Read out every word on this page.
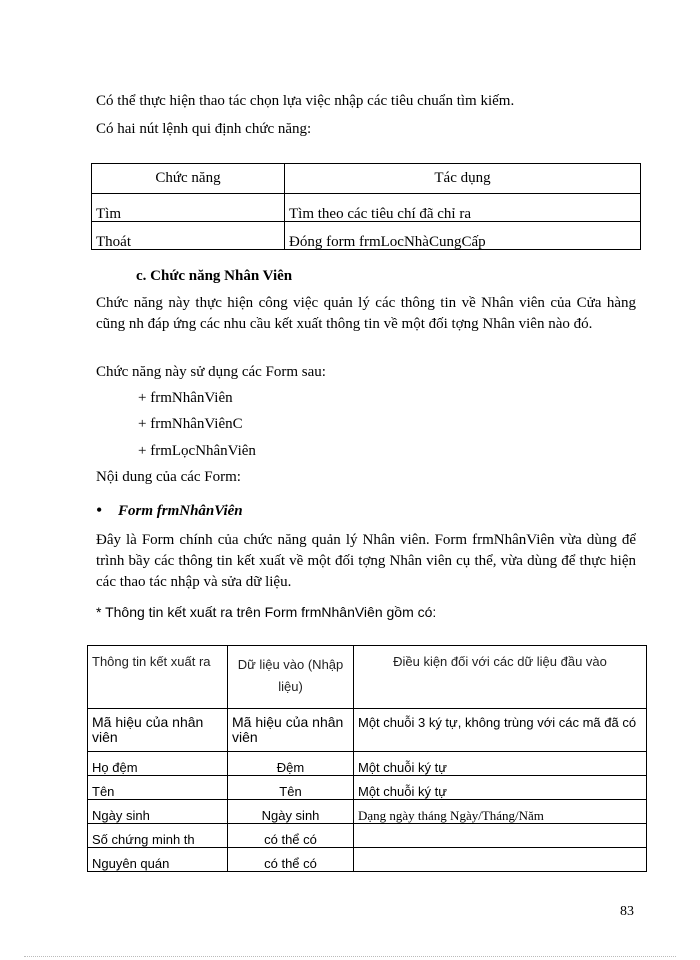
Có thể thực hiện thao tác chọn lựa việc nhập các tiêu chuẩn tìm kiếm.
Có hai nút lệnh qui định chức năng:
Chức năng	Tác dụng
Tìm	Tìm theo các tiêu chí đã chỉ ra
Thoát	Đóng form frmLocNhàCungCấp
c. Chức năng Nhân Viên
Chức năng này thực hiện công việc quản lý các thông tin về Nhân viên của Cửa hàng cũng nh đáp ứng các nhu cầu kết xuất thông tin về một đối tợng Nhân viên nào đó.
Chức năng này sử dụng các Form sau:
+ frmNhânViên
+ frmNhânViênC
+ frmLọcNhânViên
Nội dung của các Form:
• Form frmNhânViên
Đây là Form chính của chức năng quản lý Nhân viên. Form frmNhânViên vừa dùng để trình bầy các thông tin kết xuất về một đối tợng Nhân viên cụ thể, vừa dùng để thực hiện các thao tác nhập và sửa dữ liệu.
* Thông tin kết xuất ra trên Form frmNhânViên gồm có:
Thông tin kết xuất ra	Dữ liệu vào (Nhập liệu)	Điều kiện đối với các dữ liệu đầu vào
Mã hiệu của nhân viên	Mã hiệu của nhân viên	Một chuỗi 3 ký tự, không trùng với các mã đã có
Họ đệm	Đệm	Một chuỗi ký tự
Tên	Tên	Một chuỗi ký tự
Ngày sinh	Ngày sinh	Dạng ngày tháng Ngày/Tháng/Năm
Số chứng minh th	có thể có	
Nguyên quán	có thể có	
83
